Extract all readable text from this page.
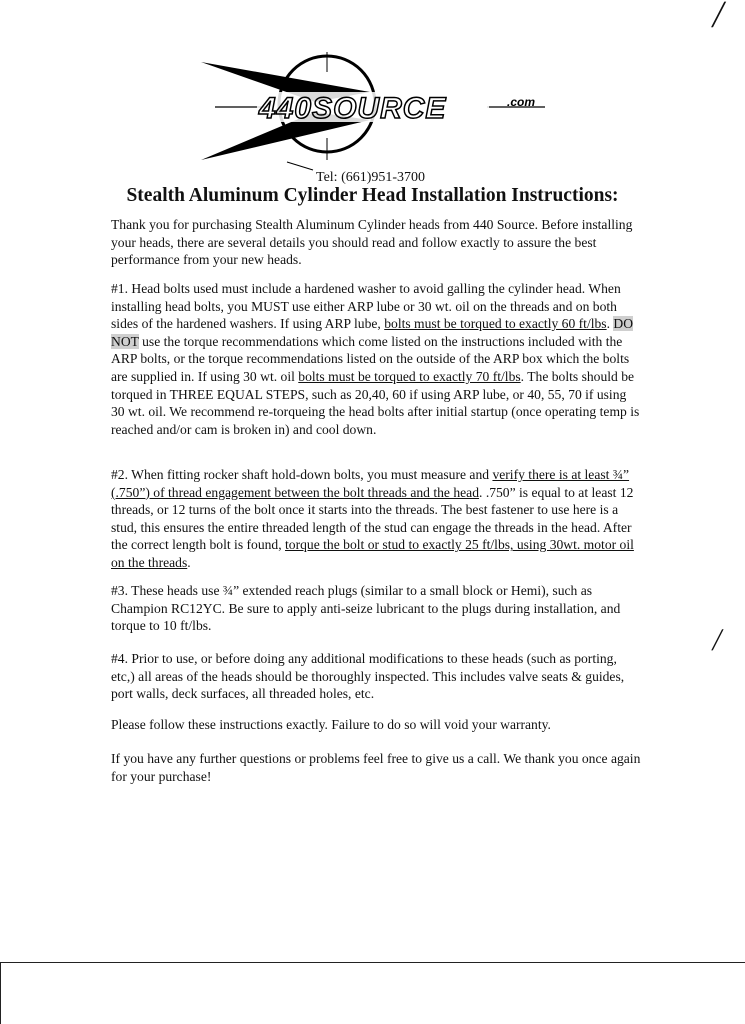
╱
440SOURCE	.com
Tel: (661)951-3700
Stealth Aluminum Cylinder Head Installation Instructions:

Thank you for purchasing Stealth Aluminum Cylinder heads from 440 Source. Before installing your heads, there are several details you should read and follow exactly to assure the best performance from your new heads.

#1. Head bolts used must include a hardened washer to avoid galling the cylinder head. When installing head bolts, you MUST use either ARP lube or 30 wt. oil on the threads and on both sides of the hardened washers. If using ARP lube, bolts must be torqued to exactly 60 ft/lbs. DO NOT use the torque recommendations which come listed on the instructions included with the ARP bolts, or the torque recommendations listed on the outside of the ARP box which the bolts are supplied in. If using 30 wt. oil bolts must be torqued to exactly 70 ft/lbs. The bolts should be torqued in THREE EQUAL STEPS, such as 20,40, 60 if using ARP lube, or 40, 55, 70 if using 30 wt. oil. We recommend re-torqueing the head bolts after initial startup (once operating temp is reached and/or cam is broken in) and cool down.

#2. When fitting rocker shaft hold-down bolts, you must measure and verify there is at least ¾” (.750”) of thread engagement between the bolt threads and the head. .750” is equal to at least 12 threads, or 12 turns of the bolt once it starts into the threads. The best fastener to use here is a stud, this ensures the entire threaded length of the stud can engage the threads in the head. After the correct length bolt is found, torque the bolt or stud to exactly 25 ft/lbs, using 30wt. motor oil on the threads.

#3. These heads use ¾” extended reach plugs (similar to a small block or Hemi), such as Champion RC12YC. Be sure to apply anti-seize lubricant to the plugs during installation, and torque to 10 ft/lbs.

#4. Prior to use, or before doing any additional modifications to these heads (such as porting, etc,) all areas of the heads should be thoroughly inspected. This includes valve seats & guides, port walls, deck surfaces, all threaded holes, etc.

Please follow these instructions exactly. Failure to do so will void your warranty.

If you have any further questions or problems feel free to give us a call. We thank you once again for your purchase!

╱
